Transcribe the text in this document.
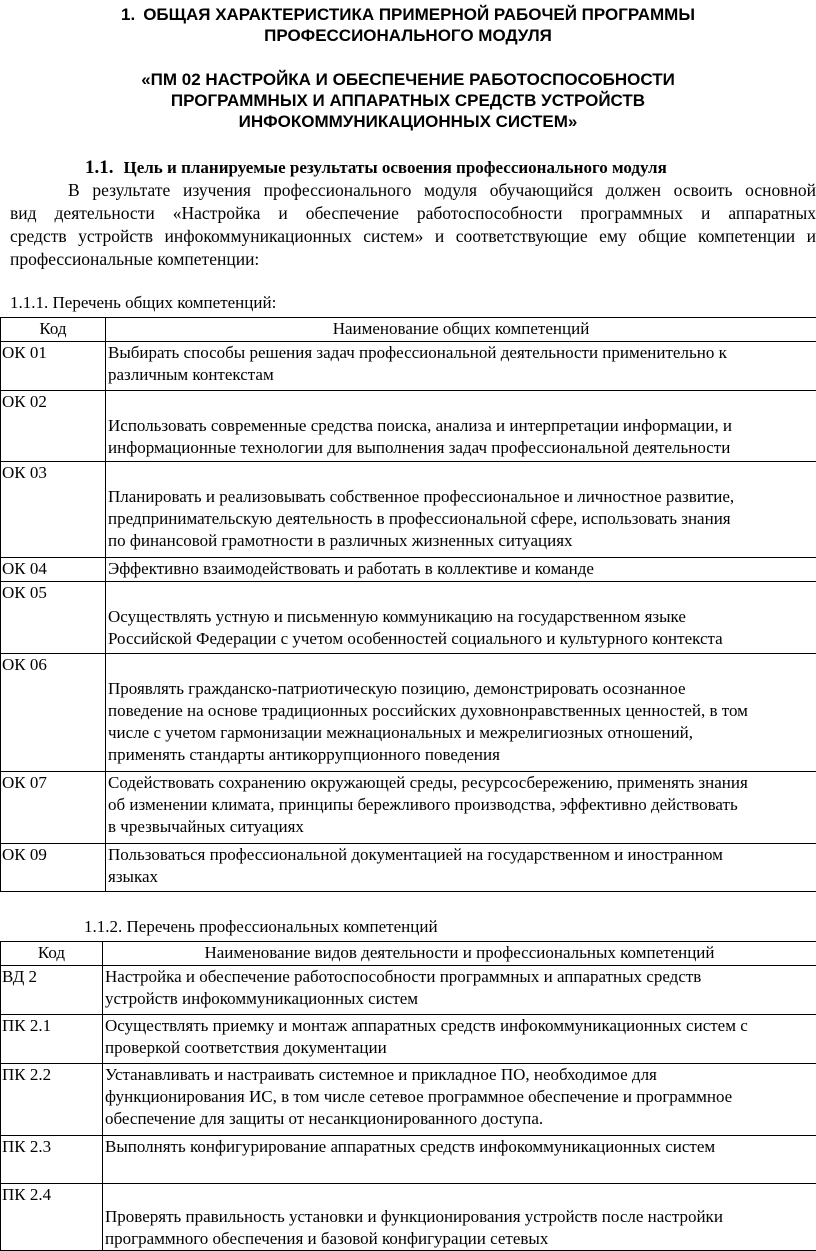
1. ОБЩАЯ ХАРАКТЕРИСТИКА ПРИМЕРНОЙ РАБОЧЕЙ ПРОГРАММЫ
ПРОФЕССИОНАЛЬНОГО МОДУЛЯ
«ПМ 02 НАСТРОЙКА И ОБЕСПЕЧЕНИЕ РАБОТОСПОСОБНОСТИ
ПРОГРАММНЫХ И АППАРАТНЫХ СРЕДСТВ УСТРОЙСТВ
ИНФОКОММУНИКАЦИОННЫХ СИСТЕМ»
1.1. Цель и планируемые результаты освоения профессионального модуля
В результате изучения профессионального модуля обучающийся должен освоить основной
вид деятельности «Настройка и обеспечение работоспособности программных и аппаратных
средств устройств инфокоммуникационных систем» и соответствующие ему общие компетенции и
профессиональные компетенции:
1.1.1. Перечень общих компетенций:
Код	Наименование общих компетенций
ОК 01	Выбирать способы решения задач профессиональной деятельности применительно к
различным контекстам

ОК 02	Использовать современные средства поиска, анализа и интерпретации информации, и
информационные технологии для выполнения задач профессиональной деятельности

ОК 03	Планировать и реализовывать собственное профессиональное и личностное развитие,
предпринимательскую деятельность в профессиональной сфере, использовать знания
по финансовой грамотности в различных жизненных ситуациях

ОК 04	Эффективно взаимодействовать и работать в коллективе и команде

ОК 05	Осуществлять устную и письменную коммуникацию на государственном языке
Российской Федерации с учетом особенностей социального и культурного контекста

ОК 06	Проявлять гражданско-патриотическую позицию, демонстрировать осознанное
поведение на основе традиционных российских духовнонравственных ценностей, в том
числе с учетом гармонизации межнациональных и межрелигиозных отношений,
применять стандарты антикоррупционного поведения

ОК 07	Содействовать сохранению окружающей среды, ресурсосбережению, применять знания
об изменении климата, принципы бережливого производства, эффективно действовать
в чрезвычайных ситуациях

ОК 09	Пользоваться профессиональной документацией на государственном и иностранном
языках
1.1.2. Перечень профессиональных компетенций
Код	Наименование видов деятельности и профессиональных компетенций
ВД 2	Настройка и обеспечение работоспособности программных и аппаратных средств
устройств инфокоммуникационных систем

ПК 2.1	Осуществлять приемку и монтаж аппаратных средств инфокоммуникационных систем с
проверкой соответствия документации

ПК 2.2	Устанавливать и настраивать системное и прикладное ПО, необходимое для
функционирования ИС, в том числе сетевое программное обеспечение и программное
обеспечение для защиты от несанкционированного доступа.

ПК 2.3	Выполнять конфигурирование аппаратных средств инфокоммуникационных систем

ПК 2.4	Проверять правильность установки и функционирования устройств после настройки
программного обеспечения и базовой конфигурации сетевых
